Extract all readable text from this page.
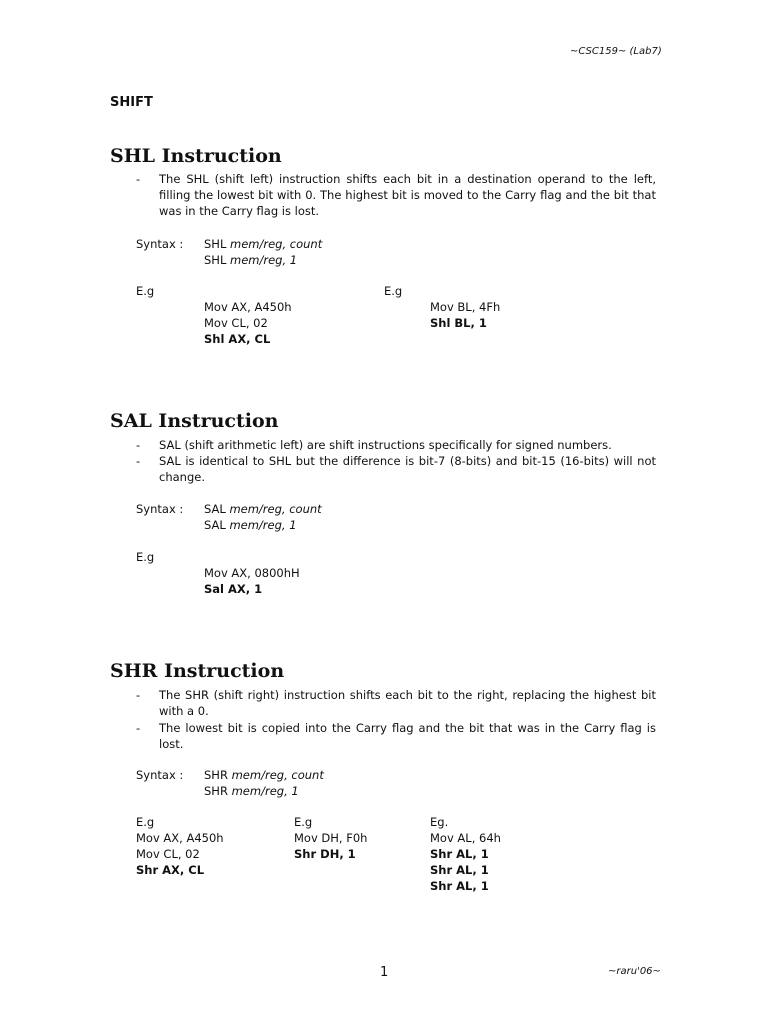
~CSC159~ (Lab7)
SHIFT
SHL Instruction
- The SHL (shift left) instruction shifts each bit in a destination operand to the left, filling the lowest bit with 0. The highest bit is moved to the Carry flag and the bit that was in the Carry flag is lost.
Syntax : SHL mem/reg, count
SHL mem/reg, 1
E.g
Mov AX, A450h
Mov CL, 02
Shl AX, CL
E.g
Mov BL, 4Fh
Shl BL, 1
SAL Instruction
- SAL (shift arithmetic left) are shift instructions specifically for signed numbers.
- SAL is identical to SHL but the difference is bit-7 (8-bits) and bit-15 (16-bits) will not change.
Syntax : SAL mem/reg, count
SAL mem/reg, 1
E.g
Mov AX, 0800hH
Sal AX, 1
SHR Instruction
- The SHR (shift right) instruction shifts each bit to the right, replacing the highest bit with a 0.
- The lowest bit is copied into the Carry flag and the bit that was in the Carry flag is lost.
Syntax : SHR mem/reg, count
SHR mem/reg, 1
E.g
Mov AX, A450h
Mov CL, 02
Shr AX, CL
E.g
Mov DH, F0h
Shr DH, 1
Eg.
Mov AL, 64h
Shr AL, 1
Shr AL, 1
Shr AL, 1
1	~raru'06~
